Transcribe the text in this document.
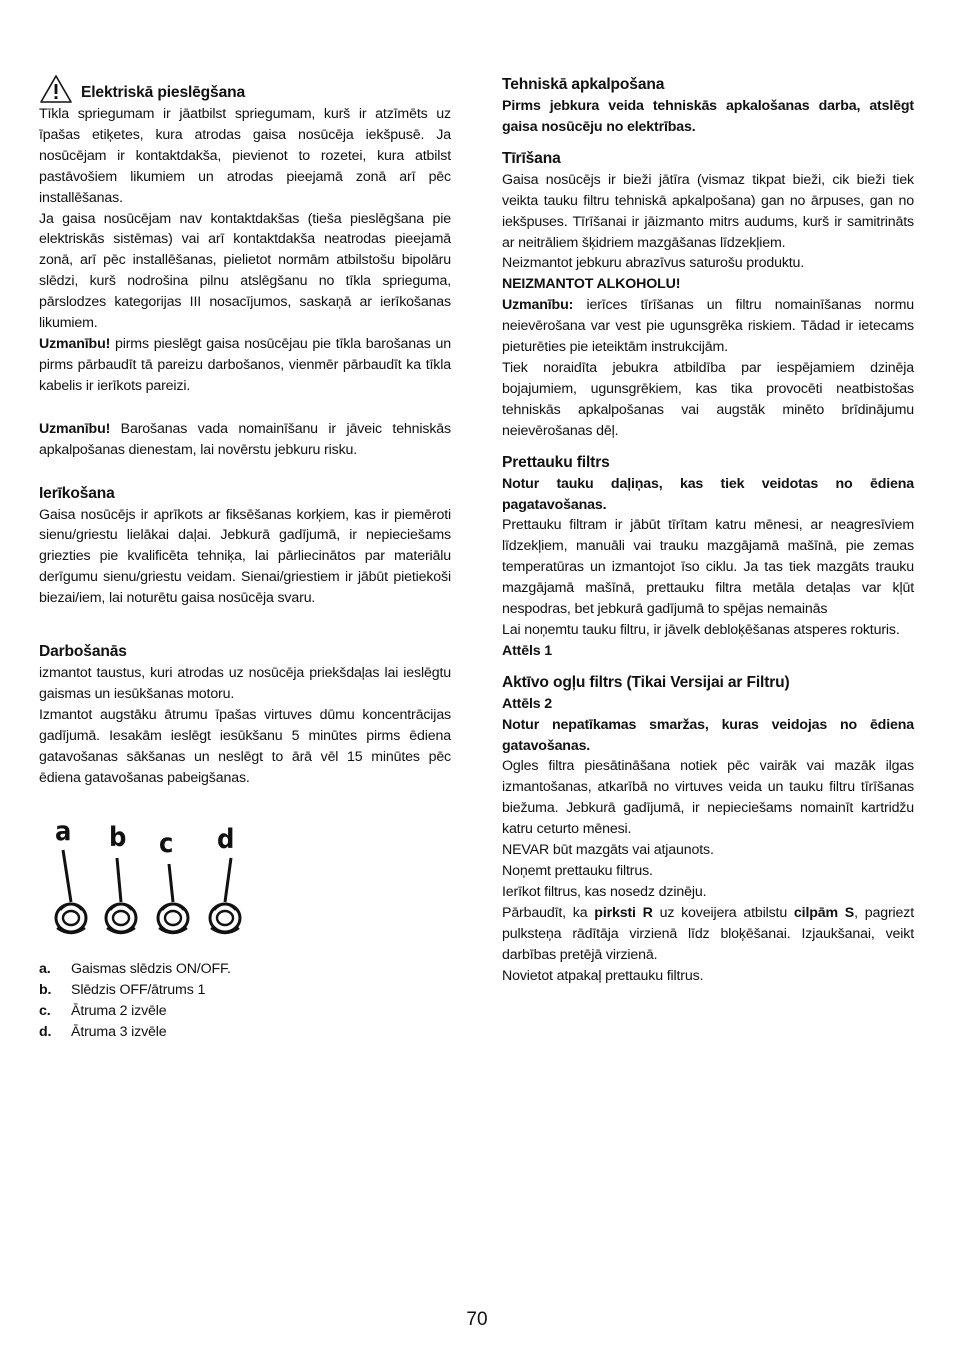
Elektriskā pieslēgšana

Tīkla spriegumam ir jāatbilst spriegumam, kurš ir atzīmēts uz īpašas etiķetes, kura atrodas gaisa nosūcēja iekšpusē. Ja nosūcējam ir kontaktdakša, pievienot to rozetei, kura atbilst pastāvošiem likumiem un atrodas pieejamā zonā arī pēc installēšanas.

Ja gaisa nosūcējam nav kontaktdakšas (tieša pieslēgšana pie elektriskās sistēmas) vai arī kontaktdakša neatrodas pieejamā zonā, arī pēc installēšanas, pielietot normām atbilstošu bipolāru slēdzi, kurš nodrošina pilnu atslēgšanu no tīkla sprieguma, pārslodzes kategorijas III nosacījumos, saskaņā ar ierīkošanas likumiem.

Uzmanību! pirms pieslēgt gaisa nosūcējau pie tīkla barošanas un pirms pārbaudīt tā pareizu darbošanos, vienmēr pārbaudīt ka tīkla kabelis ir ierīkots pareizi.

Uzmanību! Barošanas vada nomainīšanu ir jāveic tehniskās apkalpošanas dienestam, lai novērstu jebkuru risku.

Ierīkošana

Gaisa nosūcējs ir aprīkots ar fiksēšanas korķiem, kas ir piemēroti sienu/griestu lielākai daļai. Jebkurā gadījumā, ir nepieciešams griezties pie kvalificēta tehniķa, lai pārliecinātos par materiālu derīgumu sienu/griestu veidam. Sienai/griestiem ir jābūt pietiekoši biezai/iem, lai noturētu gaisa nosūcēja svaru.

Darbošanās

izmantot taustus, kuri atrodas uz nosūcēja priekšdaļas lai ieslēgtu gaismas un iesūkšanas motoru.

Izmantot augstāku ātrumu īpašas virtuves dūmu koncentrācijas gadījumā. Iesakām ieslēgt iesūkšanu 5 minūtes pirms ēdiena gatavošanas sākšanas un neslēgt to ārā vēl 15 minūtes pēc ēdiena gatavošanas pabeigšanas.

a b c d
a.	Gaismas slēdzis ON/OFF.
b.	Slēdzis OFF/ātrums 1
c.	Ātruma 2 izvēle
d.	Ātruma 3 izvēle
Tehniskā apkalpošana

Pirms jebkura veida tehniskās apkalošanas darba, atslēgt gaisa nosūcēju no elektrības.

Tīrīšana

Gaisa nosūcējs ir bieži jātīra (vismaz tikpat bieži, cik bieži tiek veikta tauku filtru tehniskā apkalpošana) gan no ārpuses, gan no iekšpuses. Tīrīšanai ir jāizmanto mitrs audums, kurš ir samitrināts ar neitrāliem šķidriem mazgāšanas līdzekļiem.

Neizmantot jebkuru abrazīvus saturošu produktu.

NEIZMANTOT ALKOHOLU!

Uzmanību: ierīces tīrīšanas un filtru nomainīšanas normu neievērošana var vest pie ugunsgrēka riskiem. Tādad ir ietecams pieturēties pie ieteiktām instrukcijām.

Tiek noraidīta jebukra atbildība par iespējamiem dzinēja bojajumiem, ugunsgrēkiem, kas tika provocēti neatbistošas tehniskās apkalpošanas vai augstāk minēto brīdinājumu neievērošanas dēļ.

Prettauku filtrs

Notur tauku daļiņas, kas tiek veidotas no ēdiena pagatavošanas.

Prettauku filtram ir jābūt tīrītam katru mēnesi, ar neagresīviem līdzekļiem, manuāli vai trauku mazgājamā mašīnā, pie zemas temperatūras un izmantojot īso ciklu. Ja tas tiek mazgāts trauku mazgājamā mašīnā, prettauku filtra metāla detaļas var kļūt nespodras, bet jebkurā gadījumā to spējas nemainās

Lai noņemtu tauku filtru, ir jāvelk debloķēšanas atsperes rokturis.

Attēls 1

Aktīvo ogļu filtrs (Tikai Versijai ar Filtru)

Attēls 2

Notur nepatīkamas smaržas, kuras veidojas no ēdiena gatavošanas.

Ogles filtra piesātināšana notiek pēc vairāk vai mazāk ilgas izmantošanas, atkarībā no virtuves veida un tauku filtru tīrīšanas biežuma. Jebkurā gadījumā, ir nepieciešams nomainīt kartridžu katru ceturto mēnesi.

NEVAR būt mazgāts vai atjaunots.

Noņemt prettauku filtrus.

Ierīkot filtrus, kas nosedz dzinēju.

Pārbaudīt, ka pirksti R uz koveijera atbilstu cilpām S, pagriezt pulksteņa rādītāja virzienā līdz bloķēšanai. Izjaukšanai, veikt darbības pretējā virzienā.

Novietot atpakaļ prettauku filtrus.

70
